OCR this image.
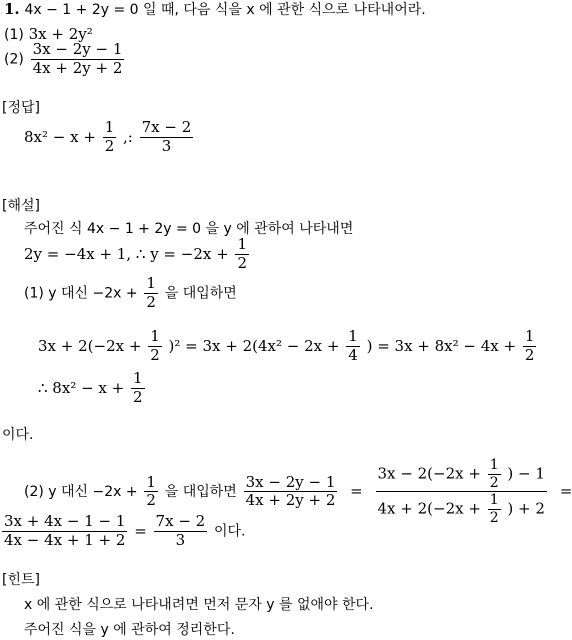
1. 4x − 1 + 2y = 0 일 때, 다음 식을 x 에 관한 식으로 나타내어라.
(1) 3x + 2y²
$(2) \frac{3x - 2y - 1}{4x + 2y + 2}$
[정답]
$8x^2 - x + \frac{1}{2}$ ,: $\frac{7x - 2}{3}$
[해설]
주어진 식 4x − 1 + 2y = 0 을 y 에 관하여 나타내면
2y = −4x + 1, ∴ $y = -2x + \frac{1}{2}$
(1) y 대신 $-2x + \frac{1}{2}$ 을 대입하면
$3x + 2(-2x + \frac{1}{2} )^2 = 3x + 2(4x^2 - 2x + \frac{1}{4}$ ) = $3x + 8x^2 - 4x + \frac{1}{2}$
∴ $8x^2 - x + \frac{1}{2}$
이다.
(2) y 대신 $-2x + \frac{1}{2}$ 을 대입하면 $\frac{3x - 2y - 1}{4x + 2y + 2} = \frac{3x - 2(-2x + \frac{1}{2} ) - 1}{4x + 2(-2x + \frac{1}{2} ) + 2}$ =
$\frac{3x + 4x - 1 - 1}{4x - 4x + 1 + 2} = \frac{7x - 2}{3}$ 이다.
[힌트]
x 에 관한 식으로 나타내려면 먼저 문자 y 를 없애야 한다.
주어진 식을 y 에 관하여 정리한다.
